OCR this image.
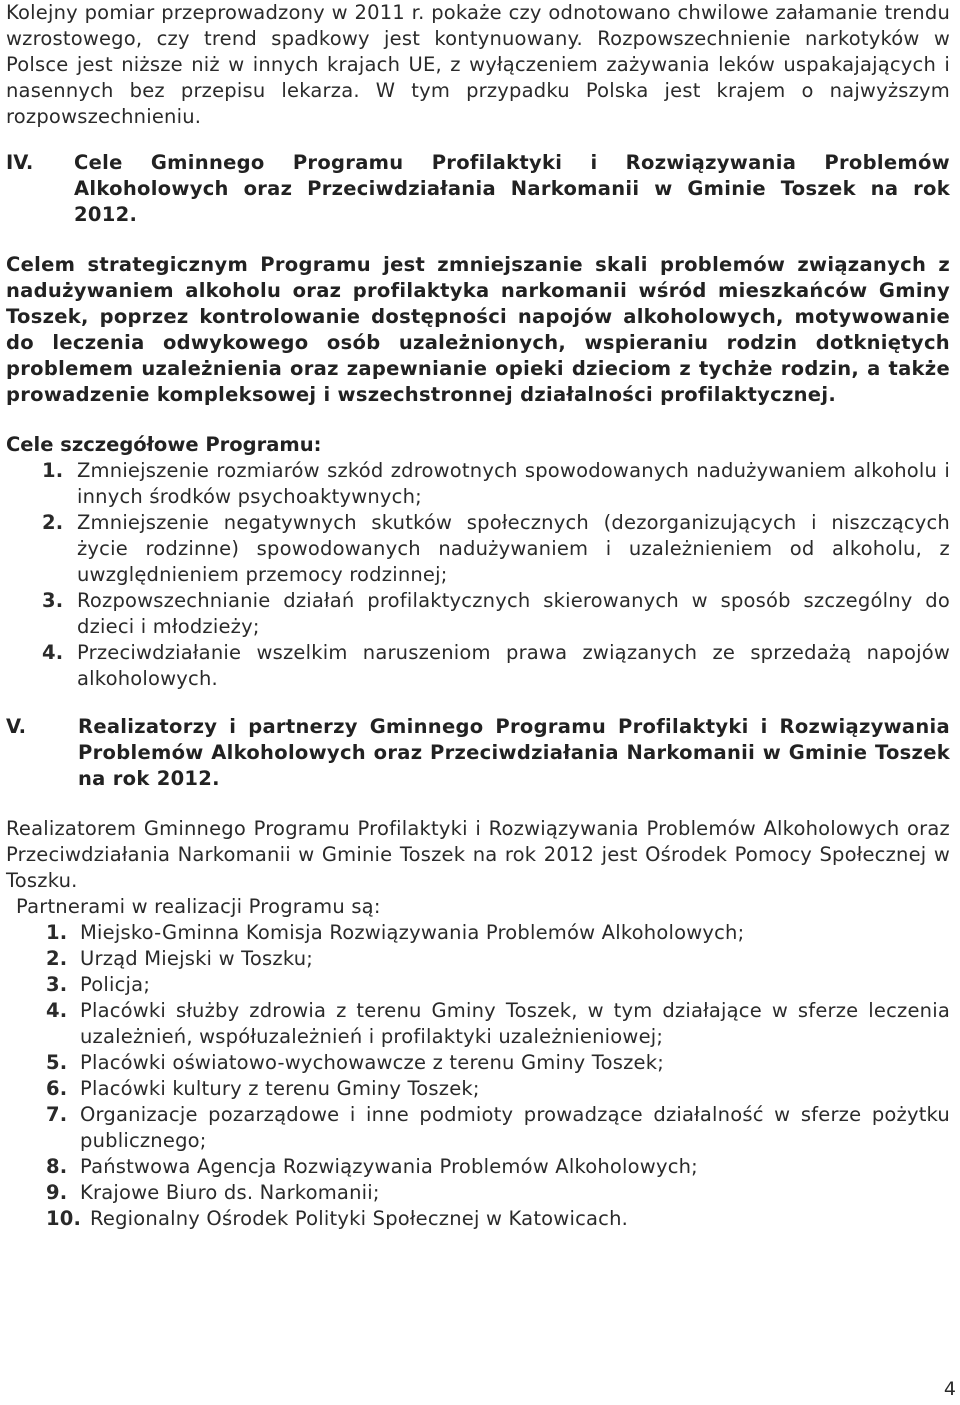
Kolejny pomiar przeprowadzony w 2011 r. pokaże czy odnotowano chwilowe załamanie trendu wzrostowego, czy trend spadkowy jest kontynuowany. Rozpowszechnienie narkotyków w Polsce jest niższe niż w innych krajach UE, z wyłączeniem zażywania leków uspakajających i nasennych bez przepisu lekarza. W tym przypadku Polska jest krajem o najwyższym rozpowszechnieniu.

IV.	Cele Gminnego Programu Profilaktyki i Rozwiązywania Problemów Alkoholowych oraz Przeciwdziałania Narkomanii w Gminie Toszek na rok 2012.

Celem strategicznym Programu jest zmniejszanie skali problemów związanych z nadużywaniem alkoholu oraz profilaktyka narkomanii wśród mieszkańców Gminy Toszek, poprzez kontrolowanie dostępności napojów alkoholowych, motywowanie do leczenia odwykowego osób uzależnionych, wspieraniu rodzin dotkniętych problemem uzależnienia oraz zapewnianie opieki dzieciom z tychże rodzin, a także prowadzenie kompleksowej i wszechstronnej działalności profilaktycznej.

Cele szczegółowe Programu:

1. Zmniejszenie rozmiarów szkód zdrowotnych spowodowanych nadużywaniem alkoholu i innych środków psychoaktywnych;
2. Zmniejszenie negatywnych skutków społecznych (dezorganizujących i niszczących życie rodzinne) spowodowanych nadużywaniem i uzależnieniem od alkoholu, z uwzględnieniem przemocy rodzinnej;
3. Rozpowszechnianie działań profilaktycznych skierowanych w sposób szczególny do dzieci i młodzieży;
4. Przeciwdziałanie wszelkim naruszeniom prawa związanych ze sprzedażą napojów alkoholowych.
V.	Realizatorzy i partnerzy Gminnego Programu Profilaktyki i Rozwiązywania Problemów Alkoholowych oraz Przeciwdziałania Narkomanii w Gminie Toszek na rok 2012.

Realizatorem Gminnego Programu Profilaktyki i Rozwiązywania Problemów Alkoholowych oraz Przeciwdziałania Narkomanii w Gminie Toszek na rok 2012 jest Ośrodek Pomocy Społecznej w Toszku.

Partnerami w realizacji Programu są:

1. Miejsko-Gminna Komisja Rozwiązywania Problemów Alkoholowych;
2. Urząd Miejski w Toszku;
3. Policja;
4. Placówki służby zdrowia z terenu Gminy Toszek, w tym działające w sferze leczenia uzależnień, współuzależnień i profilaktyki uzależnieniowej;
5. Placówki oświatowo-wychowawcze z terenu Gminy Toszek;
6. Placówki kultury z terenu Gminy Toszek;
7. Organizacje pozarządowe i inne podmioty prowadzące działalność w sferze pożytku publicznego;
8. Państwowa Agencja Rozwiązywania Problemów Alkoholowych;
9. Krajowe Biuro ds. Narkomanii;
10. Regionalny Ośrodek Polityki Społecznej w Katowicach.
4
